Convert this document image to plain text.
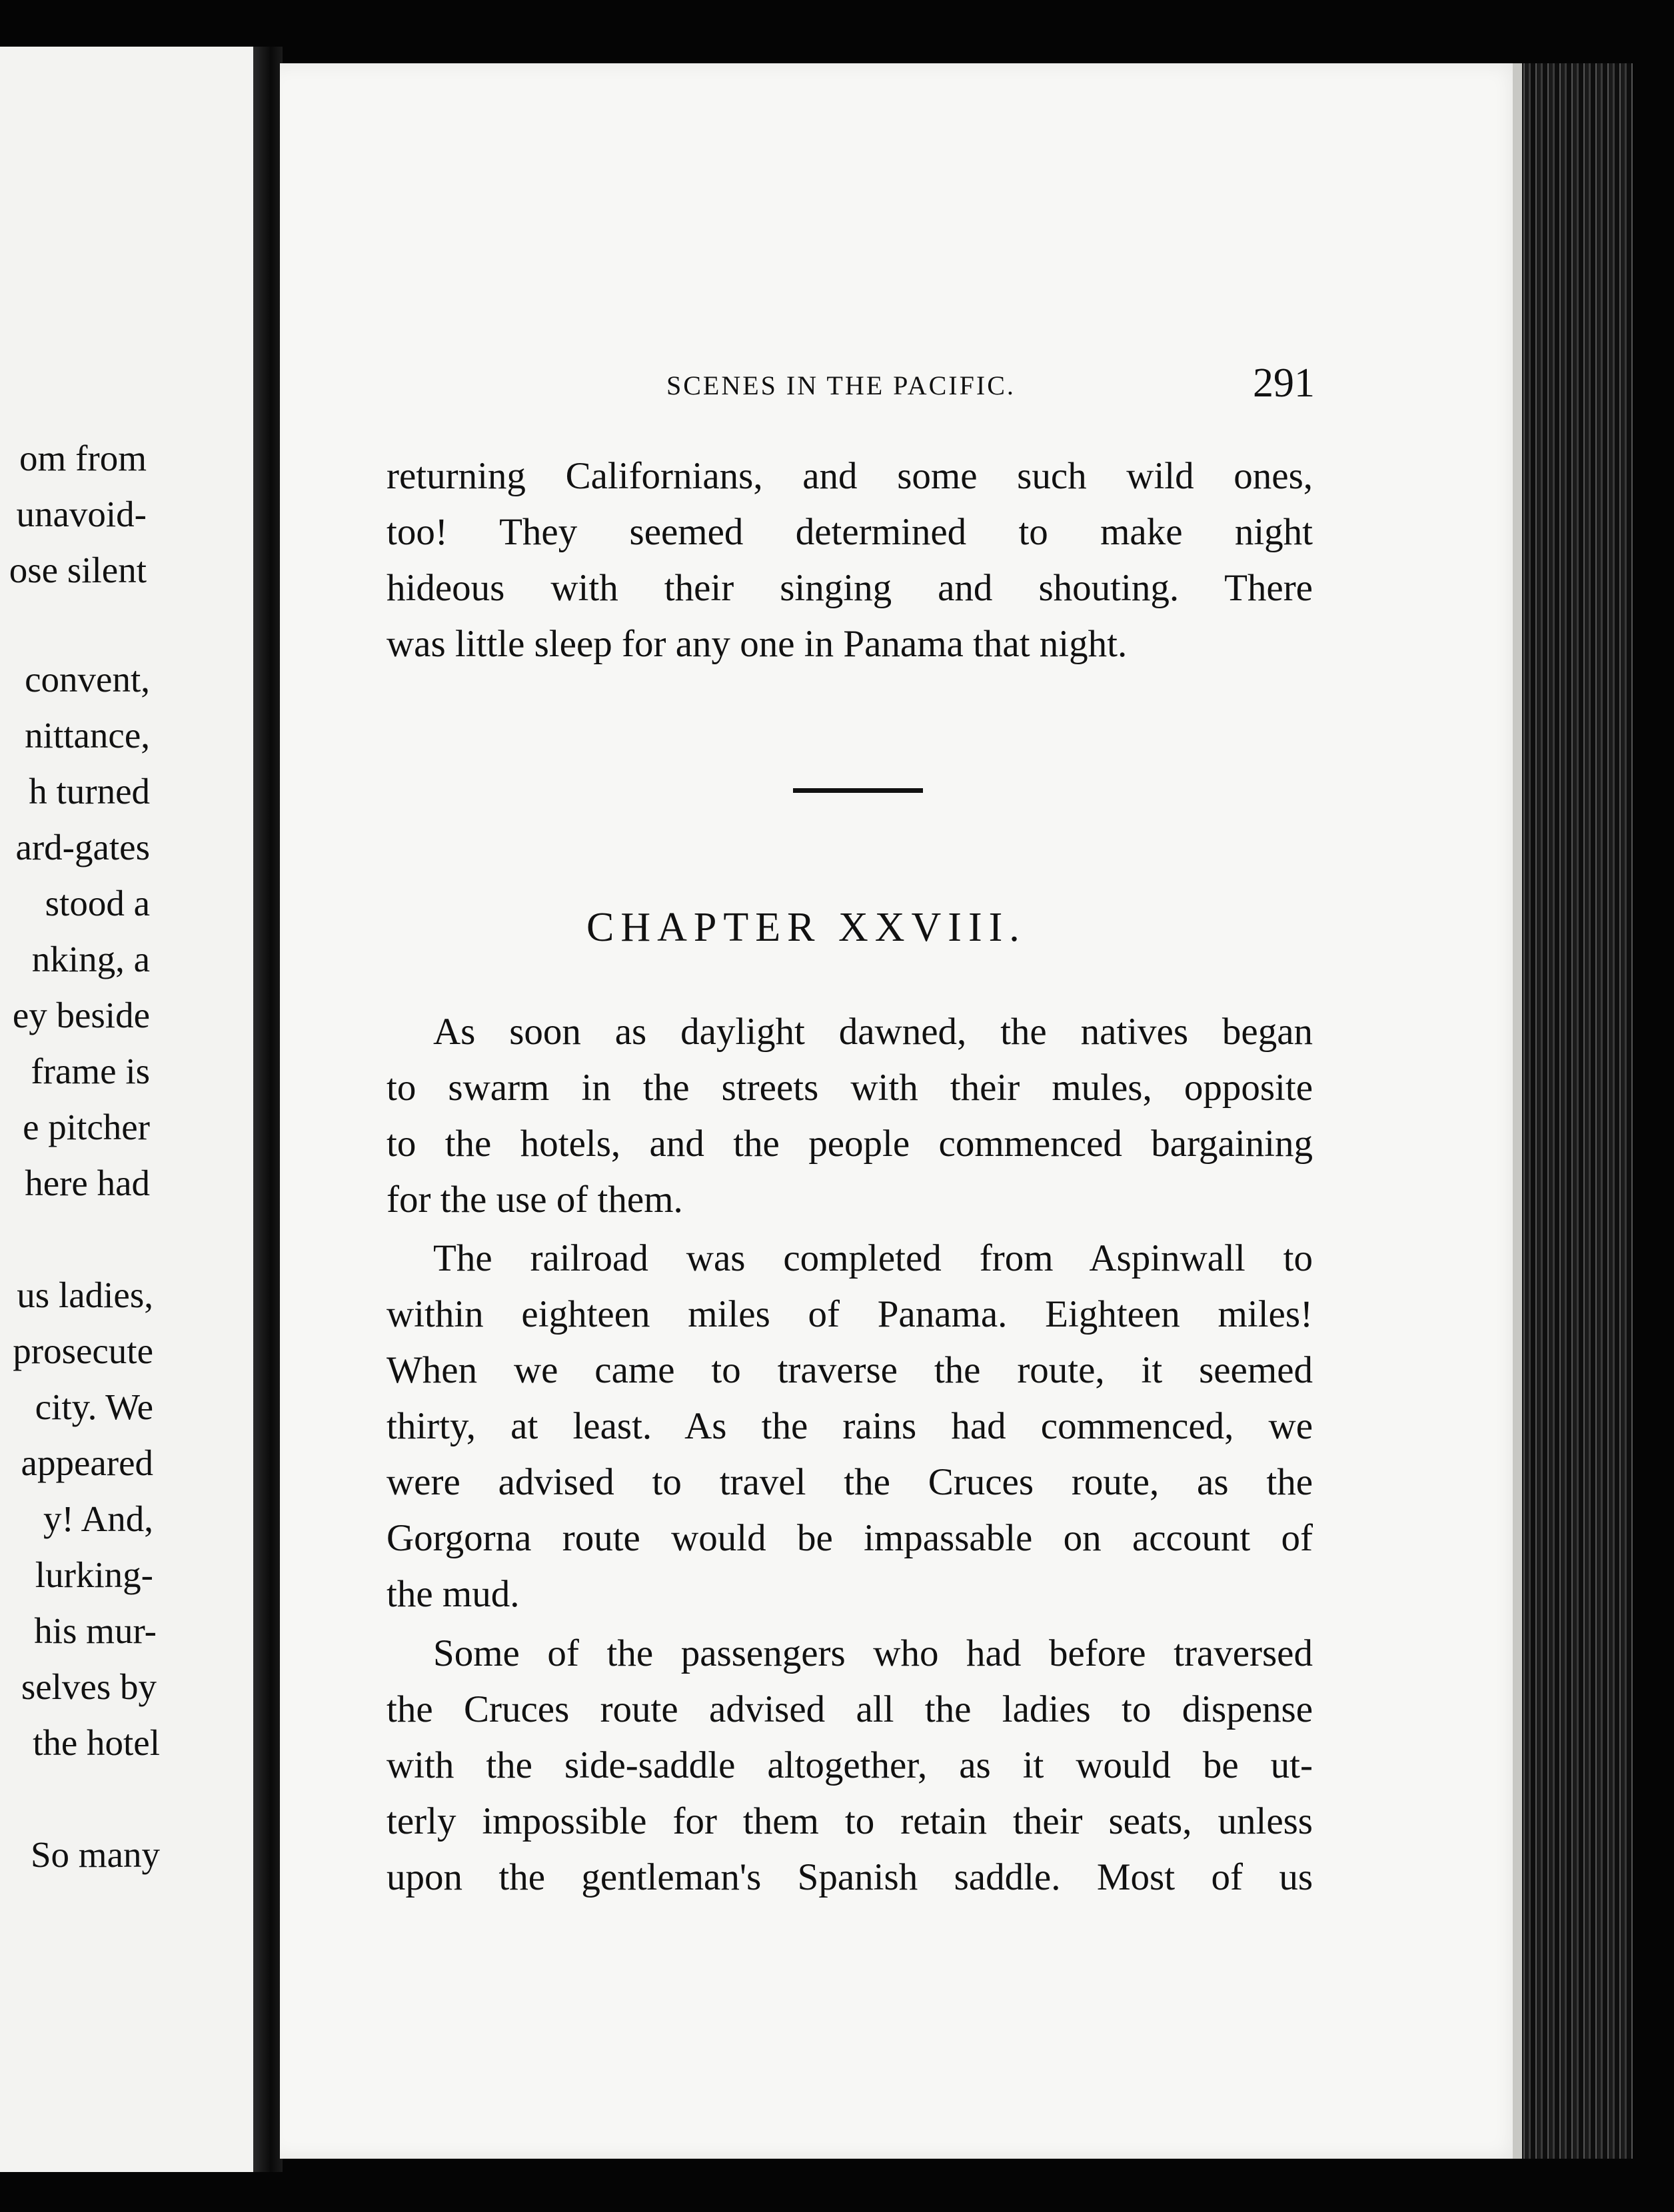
om from
unavoid-
ose silent
convent,
nittance,
h turned
ard-gates
stood a
nking, a
ey beside
frame is
e pitcher
here had
us ladies,
prosecute
city. We
appeared
y! And,
lurking-
his mur-
selves by
the hotel
So many
SCENES IN THE PACIFIC.	291

returning Californians, and some such wild ones,

too! They seemed determined to make night

hideous with their singing and shouting. There

was little sleep for any one in Panama that night.

CHAPTER XXVIII.

As soon as daylight dawned, the natives began

to swarm in the streets with their mules, opposite

to the hotels, and the people commenced bargaining

for the use of them.

The railroad was completed from Aspinwall to

within eighteen miles of Panama. Eighteen miles!

When we came to traverse the route, it seemed

thirty, at least. As the rains had commenced, we

were advised to travel the Cruces route, as the

Gorgorna route would be impassable on account of

the mud.

Some of the passengers who had before traversed

the Cruces route advised all the ladies to dispense

with the side-saddle altogether, as it would be ut-

terly impossible for them to retain their seats, unless

upon the gentleman's Spanish saddle. Most of us
